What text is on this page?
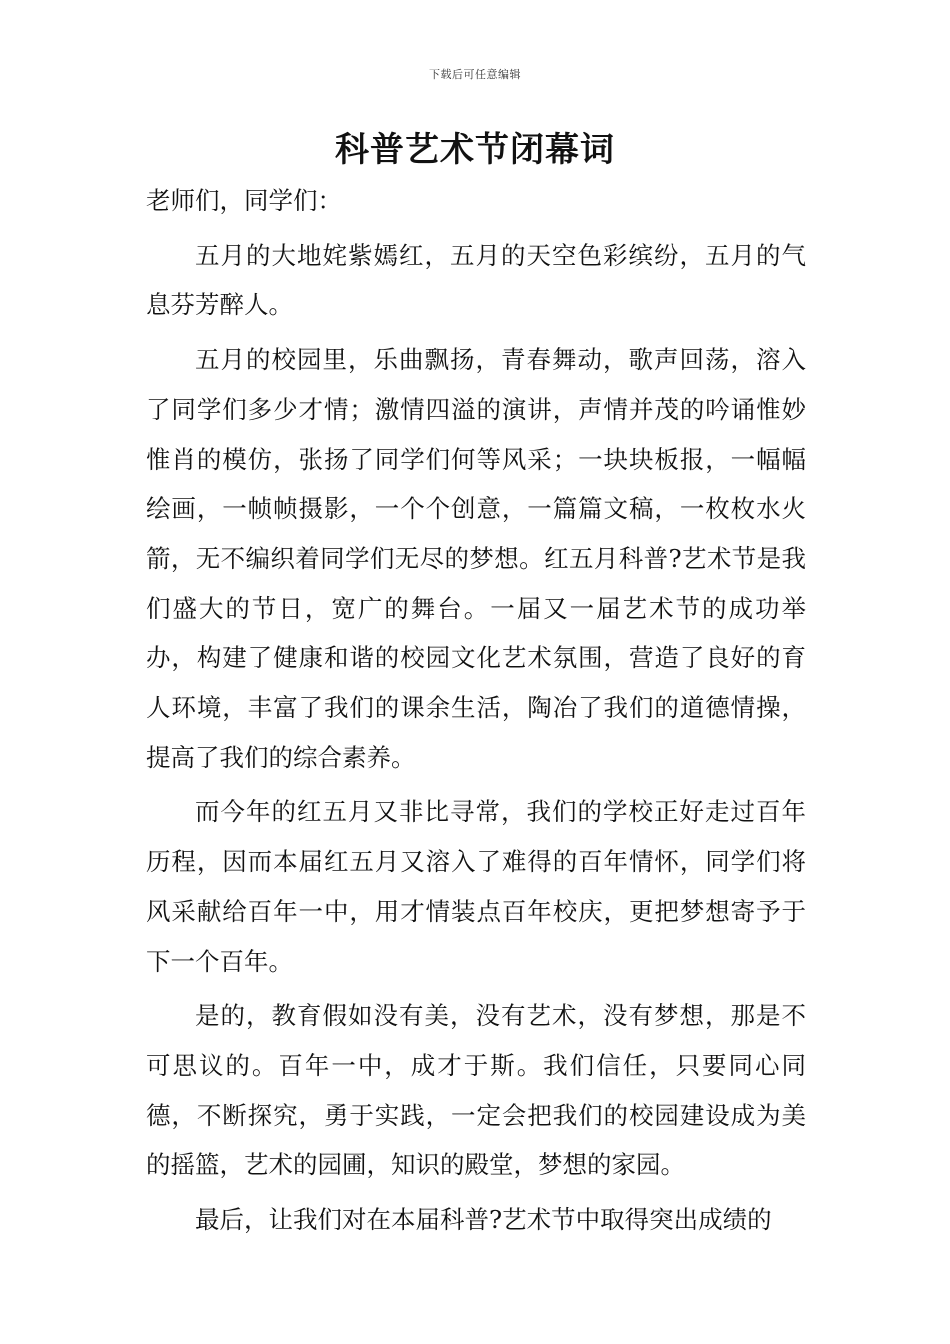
下载后可任意编辑
科普艺术节闭幕词

老师们，同学们：

五月的大地姹紫嫣红，五月的天空色彩缤纷，五月的气息芬芳醉人。

五月的校园里，乐曲飘扬，青春舞动，歌声回荡，溶入了同学们多少才情；激情四溢的演讲，声情并茂的吟诵惟妙惟肖的模仿，张扬了同学们何等风采；一块块板报，一幅幅绘画，一帧帧摄影，一个个创意，一篇篇文稿，一枚枚水火箭，无不编织着同学们无尽的梦想。红五月科普?艺术节是我们盛大的节日，宽广的舞台。一届又一届艺术节的成功举办，构建了健康和谐的校园文化艺术氛围，营造了良好的育人环境，丰富了我们的课余生活，陶冶了我们的道德情操，提高了我们的综合素养。

而今年的红五月又非比寻常，我们的学校正好走过百年历程，因而本届红五月又溶入了难得的百年情怀，同学们将风采献给百年一中，用才情装点百年校庆，更把梦想寄予于下一个百年。

是的，教育假如没有美，没有艺术，没有梦想，那是不可思议的。百年一中，成才于斯。我们信任，只要同心同德，不断探究，勇于实践，一定会把我们的校园建设成为美的摇篮，艺术的园圃，知识的殿堂，梦想的家园。

最后，让我们对在本届科普?艺术节中取得突出成绩的
